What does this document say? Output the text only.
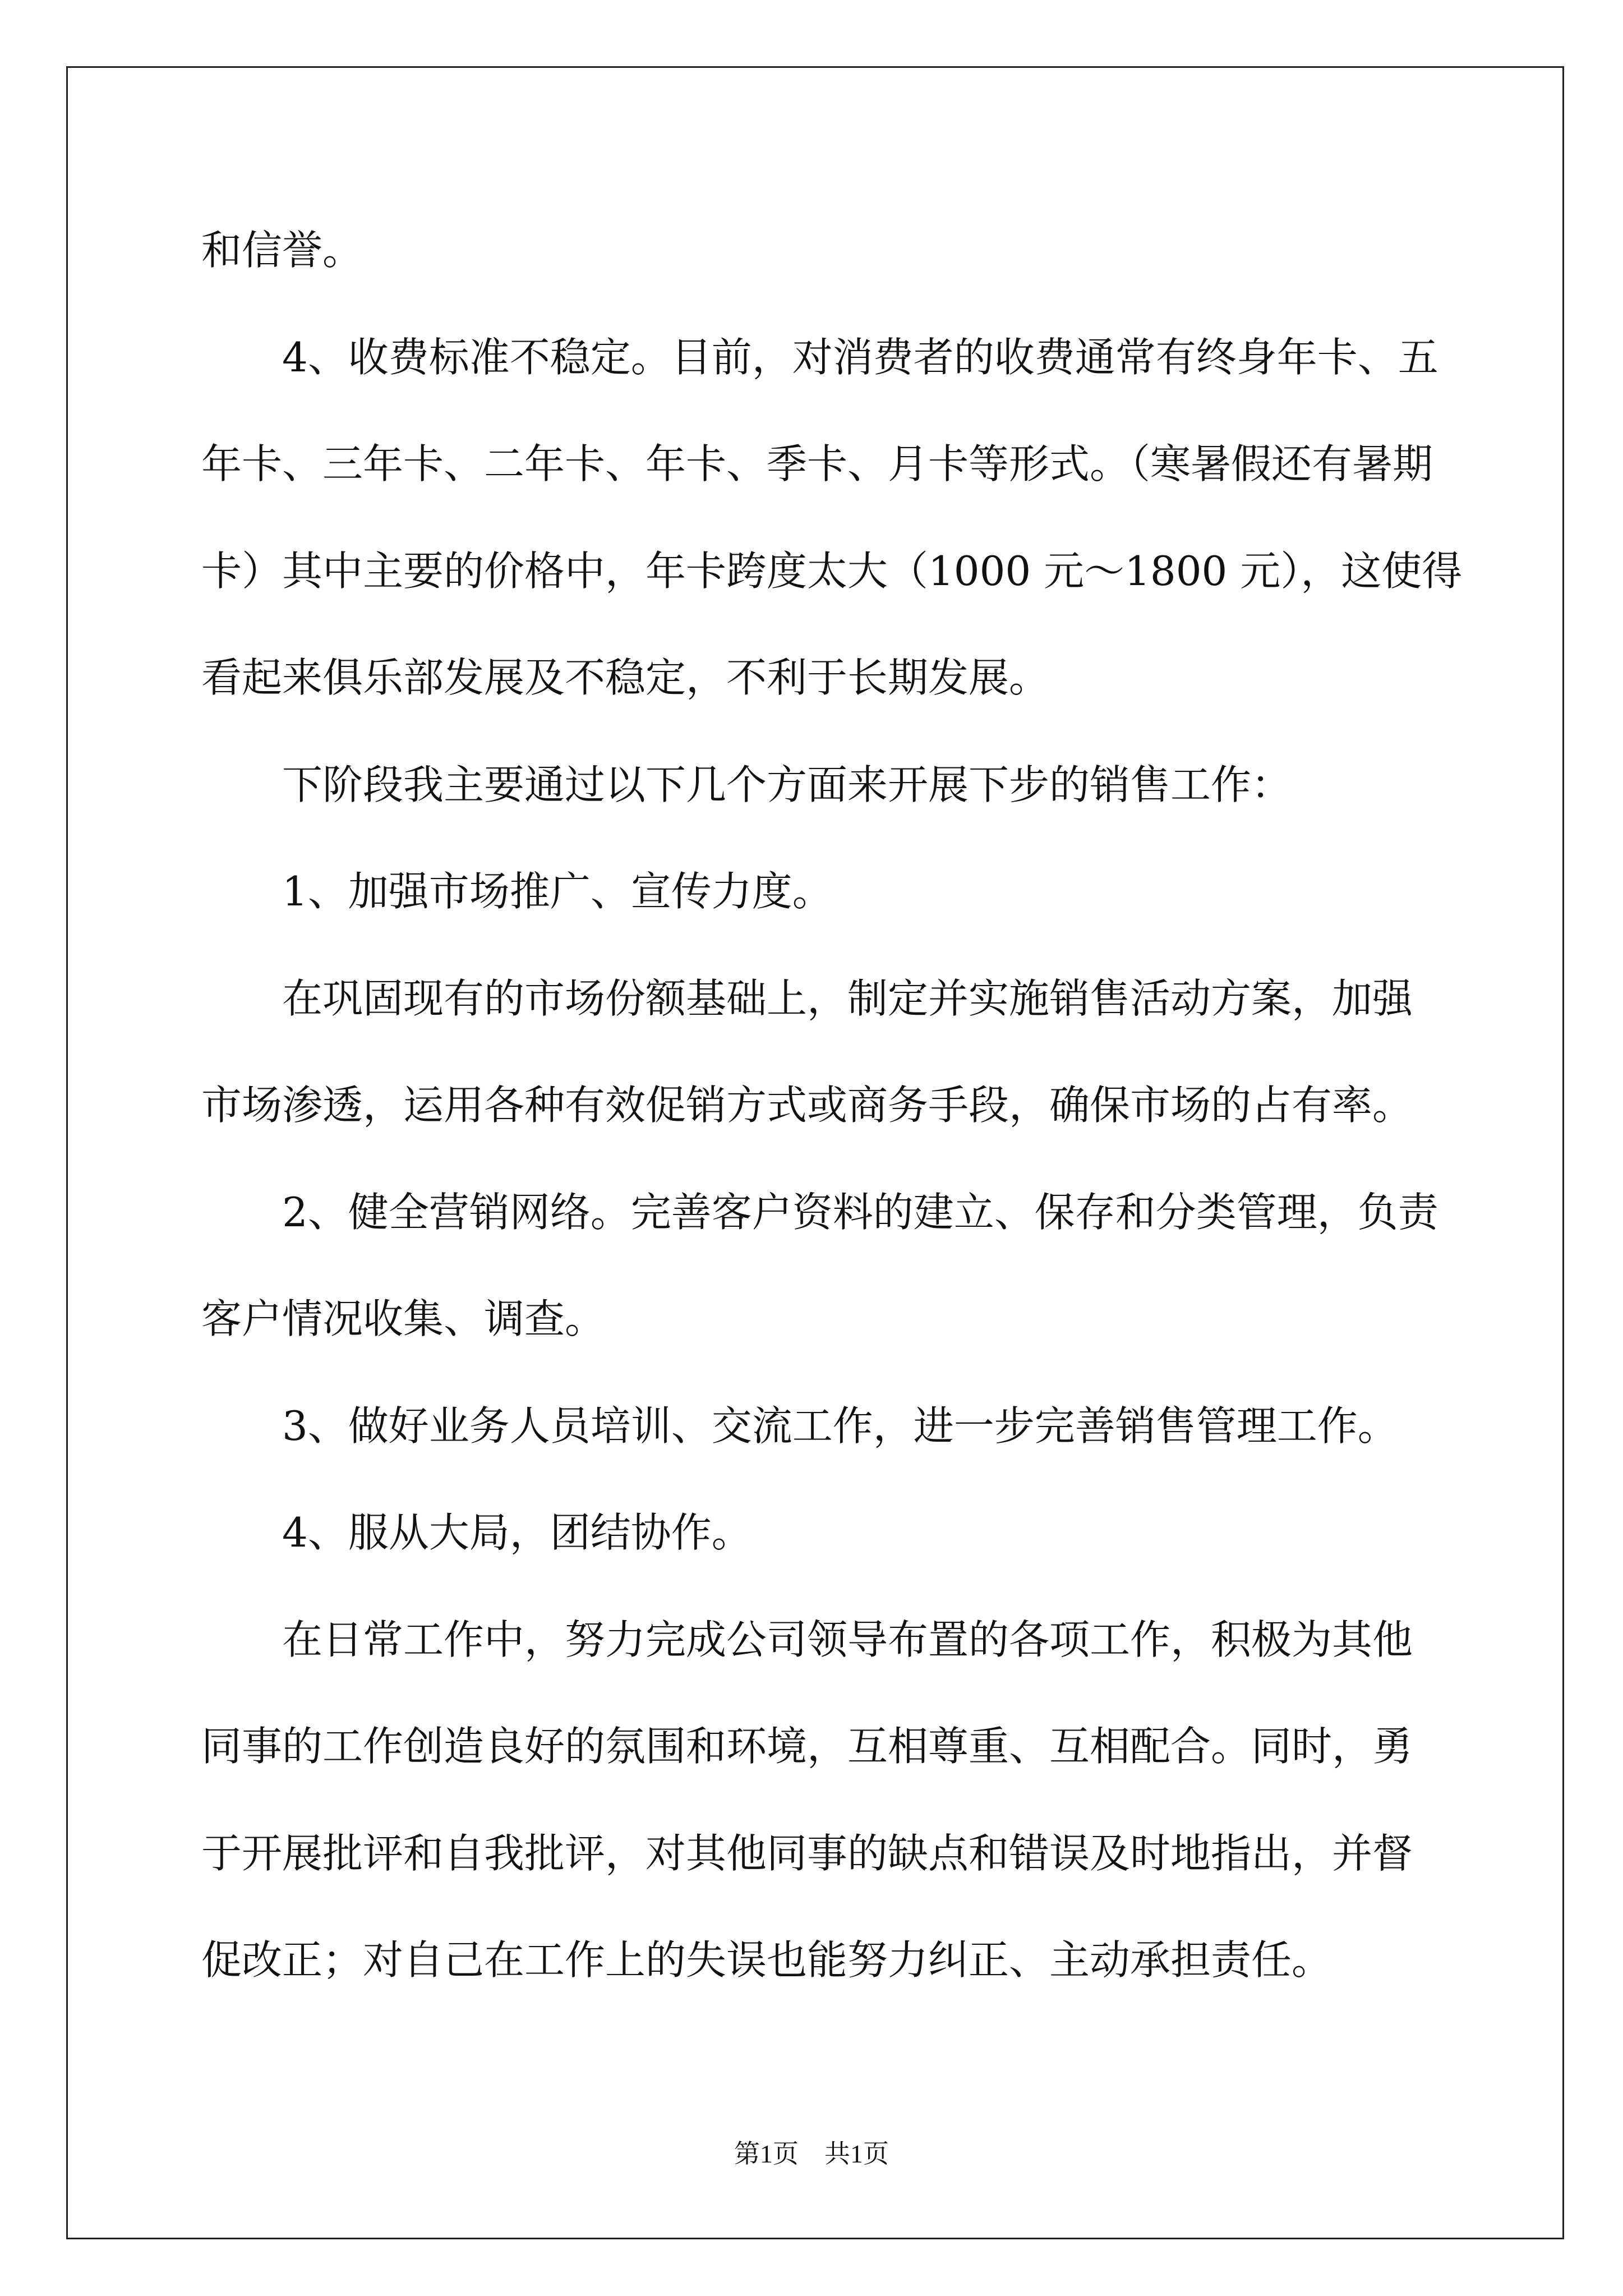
和信誉。
4、收费标准不稳定。目前，对消费者的收费通常有终身年卡、五
年卡、三年卡、二年卡、年卡、季卡、月卡等形式。（寒暑假还有暑期
卡）其中主要的价格中，年卡跨度太大（1000 元～1800 元），这使得
看起来俱乐部发展及不稳定，不利于长期发展。
下阶段我主要通过以下几个方面来开展下步的销售工作：
1、加强市场推广、宣传力度。
在巩固现有的市场份额基础上，制定并实施销售活动方案，加强
市场渗透，运用各种有效促销方式或商务手段，确保市场的占有率。
2、健全营销网络。完善客户资料的建立、保存和分类管理，负责
客户情况收集、调查。
3、做好业务人员培训、交流工作，进一步完善销售管理工作。
4、服从大局，团结协作。
在日常工作中，努力完成公司领导布置的各项工作，积极为其他
同事的工作创造良好的氛围和环境，互相尊重、互相配合。同时，勇
于开展批评和自我批评，对其他同事的缺点和错误及时地指出，并督
促改正；对自己在工作上的失误也能努力纠正、主动承担责任。
第1页　共1页
